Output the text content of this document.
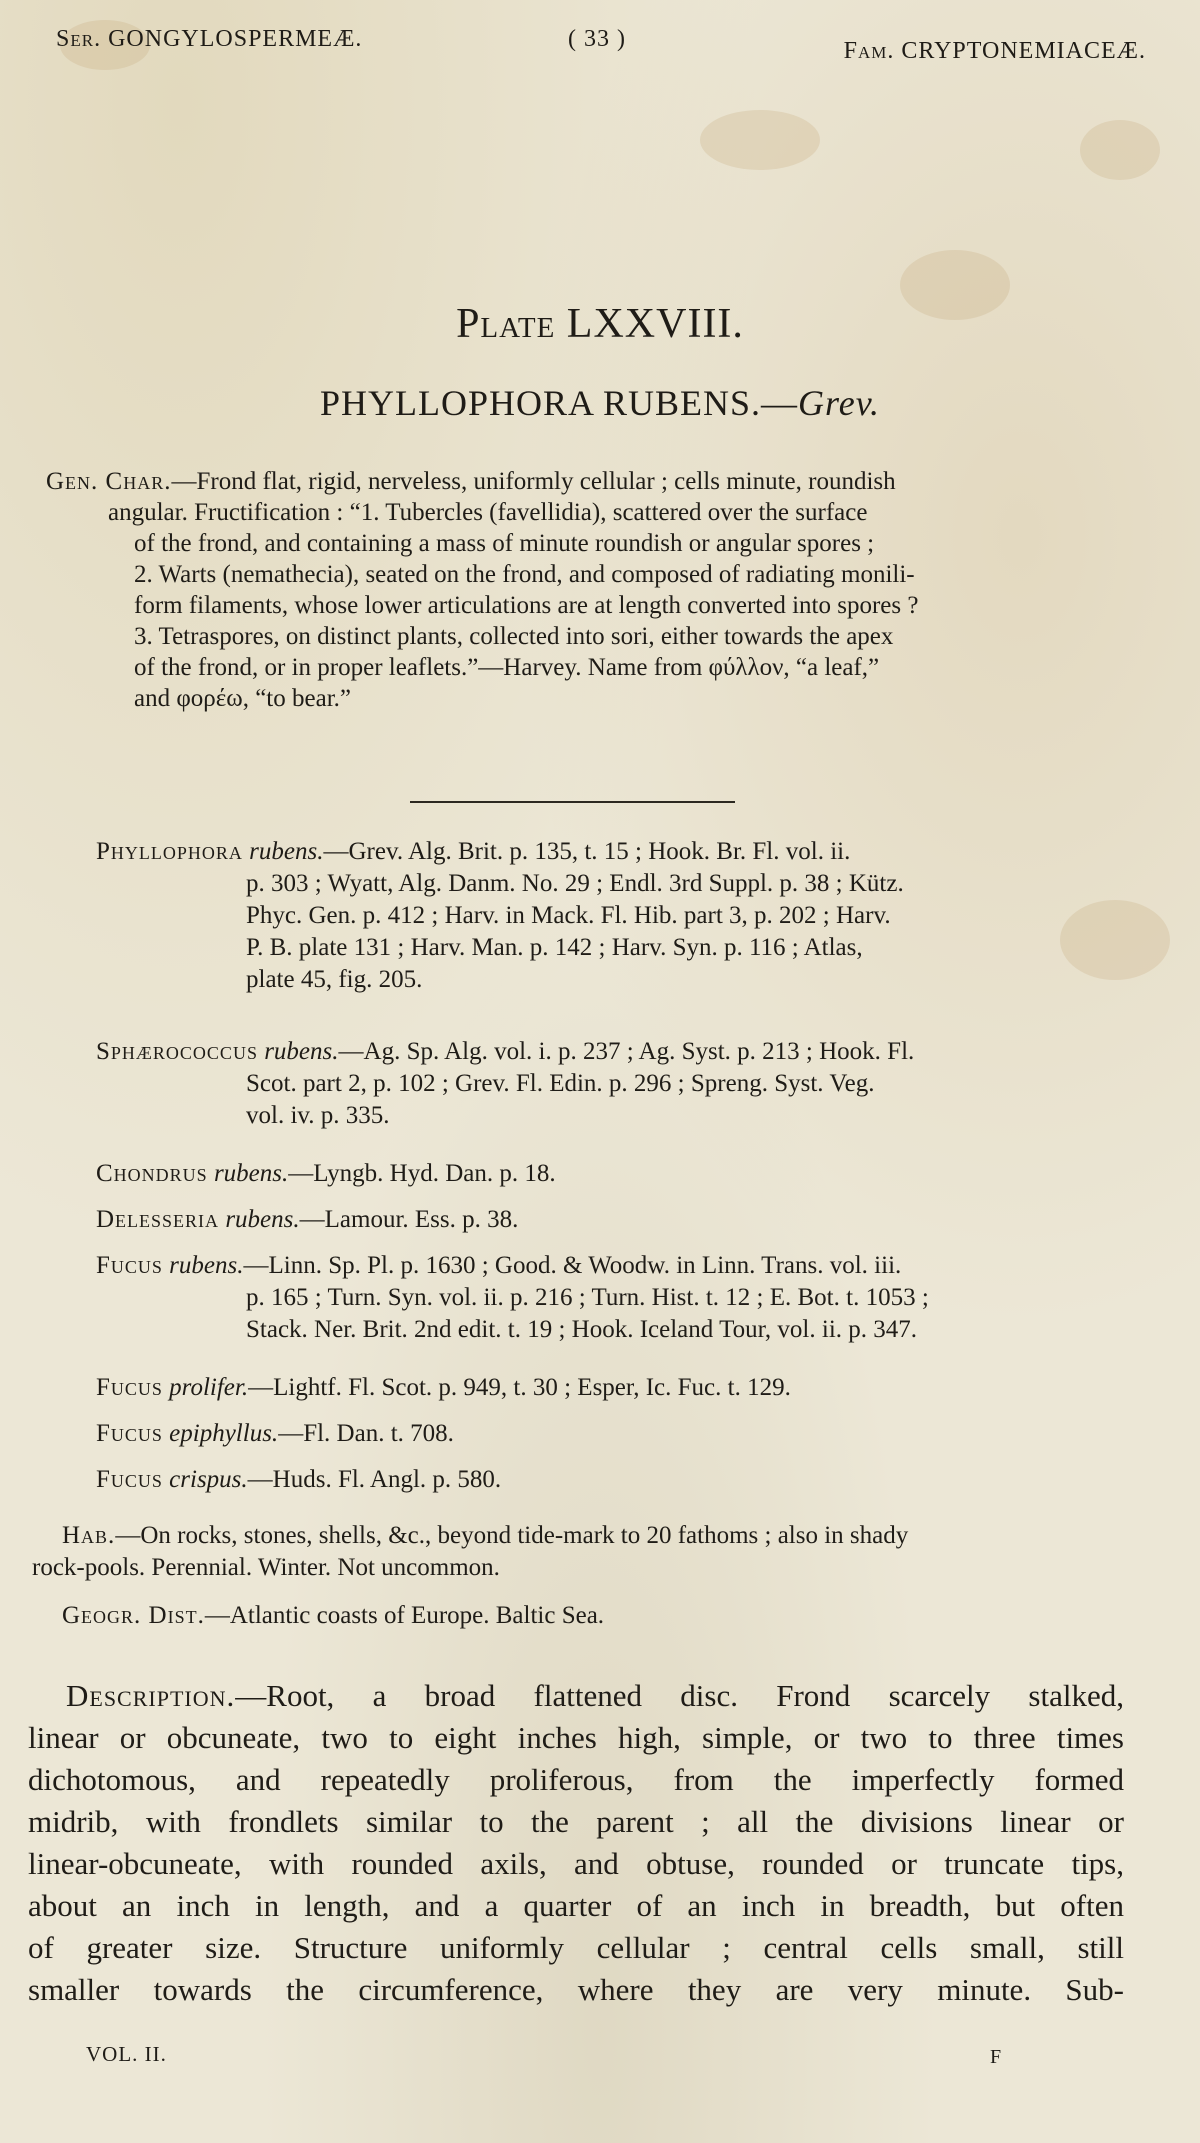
Ser. GONGYLOSPERMEÆ.	( 33 )	Fam. CRYPTONEMIACEÆ.
Plate LXXVIII.
PHYLLOPHORA RUBENS.—Grev.
Gen. Char.—Frond flat, rigid, nerveless, uniformly cellular ; cells minute, roundish
angular. Fructification : “1. Tubercles (favellidia), scattered over the surface
of the frond, and containing a mass of minute roundish or angular spores ;
2. Warts (nemathecia), seated on the frond, and composed of radiating monili-
form filaments, whose lower articulations are at length converted into spores ?
3. Tetraspores, on distinct plants, collected into sori, either towards the apex
of the frond, or in proper leaflets.”—Harvey. Name from φύλλον, “a leaf,”
and φορέω, “to bear.”
Phyllophora rubens.—Grev. Alg. Brit. p. 135, t. 15 ; Hook. Br. Fl. vol. ii.
p. 303 ; Wyatt, Alg. Danm. No. 29 ; Endl. 3rd Suppl. p. 38 ; Kütz.
Phyc. Gen. p. 412 ; Harv. in Mack. Fl. Hib. part 3, p. 202 ; Harv.
P. B. plate 131 ; Harv. Man. p. 142 ; Harv. Syn. p. 116 ; Atlas,
plate 45, fig. 205.
Sphærococcus rubens.—Ag. Sp. Alg. vol. i. p. 237 ; Ag. Syst. p. 213 ; Hook. Fl.
Scot. part 2, p. 102 ; Grev. Fl. Edin. p. 296 ; Spreng. Syst. Veg.
vol. iv. p. 335.
Chondrus rubens.—Lyngb. Hyd. Dan. p. 18.
Delesseria rubens.—Lamour. Ess. p. 38.
Fucus rubens.—Linn. Sp. Pl. p. 1630 ; Good. & Woodw. in Linn. Trans. vol. iii.
p. 165 ; Turn. Syn. vol. ii. p. 216 ; Turn. Hist. t. 12 ; E. Bot. t. 1053 ;
Stack. Ner. Brit. 2nd edit. t. 19 ; Hook. Iceland Tour, vol. ii. p. 347.
Fucus prolifer.—Lightf. Fl. Scot. p. 949, t. 30 ; Esper, Ic. Fuc. t. 129.
Fucus epiphyllus.—Fl. Dan. t. 708.
Fucus crispus.—Huds. Fl. Angl. p. 580.
Hab.—On rocks, stones, shells, &c., beyond tide-mark to 20 fathoms ; also in shady
rock-pools. Perennial. Winter. Not uncommon.
Geogr. Dist.—Atlantic coasts of Europe. Baltic Sea.
Description.—Root, a broad flattened disc. Frond scarcely stalked,
linear or obcuneate, two to eight inches high, simple, or two to three times
dichotomous, and repeatedly proliferous, from the imperfectly formed
midrib, with frondlets similar to the parent ; all the divisions linear or
linear-obcuneate, with rounded axils, and obtuse, rounded or truncate tips,
about an inch in length, and a quarter of an inch in breadth, but often
of greater size. Structure uniformly cellular ; central cells small, still
smaller towards the circumference, where they are very minute. Sub-
VOL. II.	F
